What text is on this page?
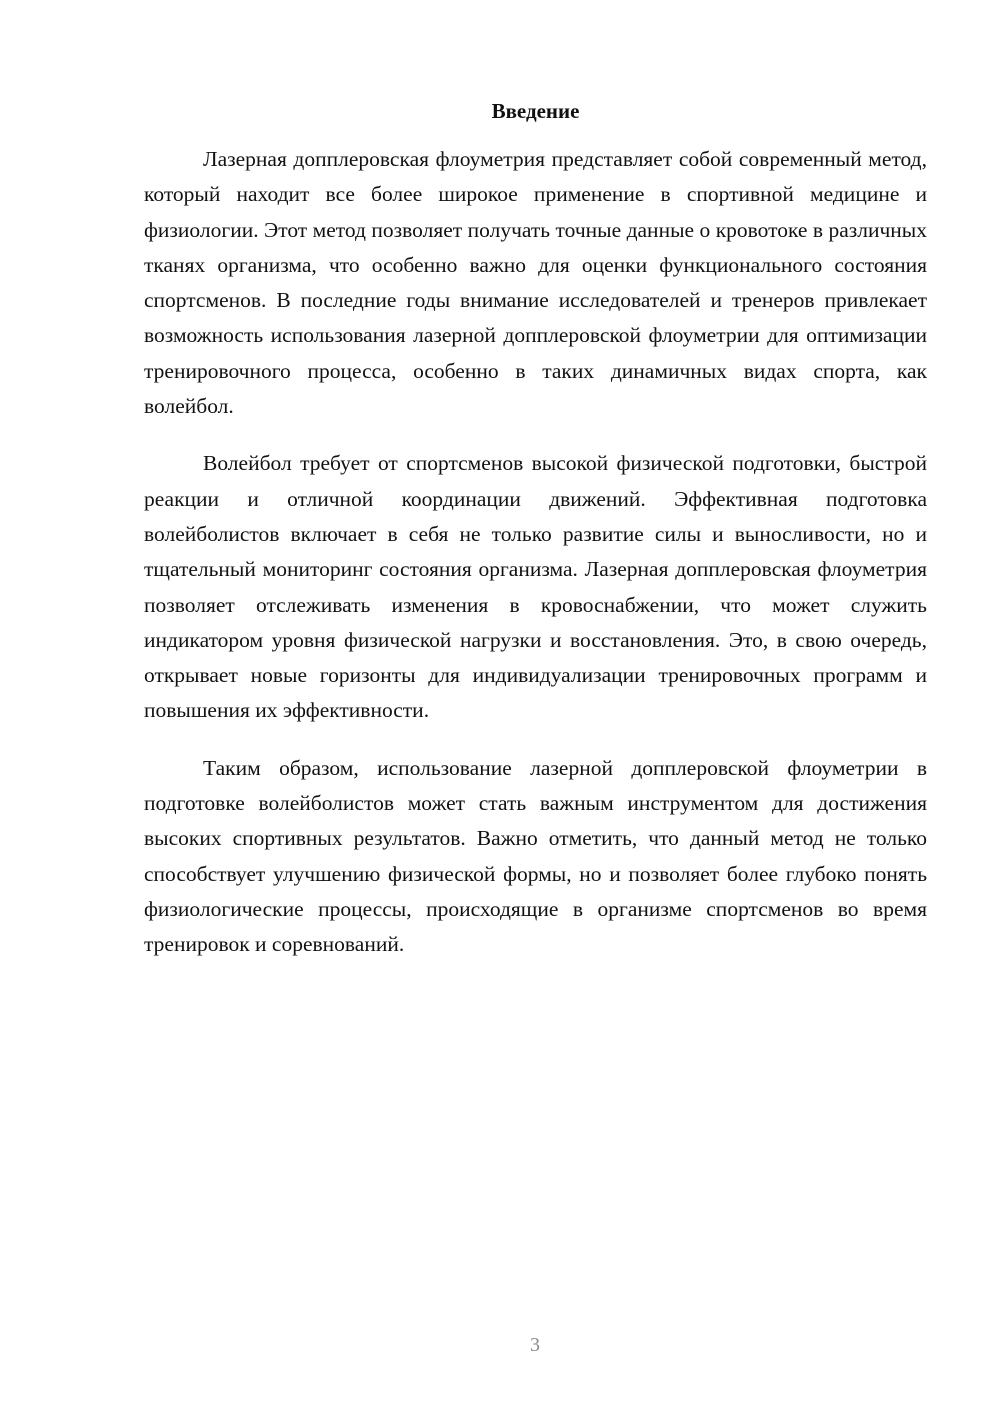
Введение

Лазерная допплеровская флоуметрия представляет собой современный метод, который находит все более широкое применение в спортивной медицине и физиологии. Этот метод позволяет получать точные данные о кровотоке в различных тканях организма, что особенно важно для оценки функционального состояния спортсменов. В последние годы внимание исследователей и тренеров привлекает возможность использования лазерной допплеровской флоуметрии для оптимизации тренировочного процесса, особенно в таких динамичных видах спорта, как волейбол.

Волейбол требует от спортсменов высокой физической подготовки, быстрой реакции и отличной координации движений. Эффективная подготовка волейболистов включает в себя не только развитие силы и выносливости, но и тщательный мониторинг состояния организма. Лазерная допплеровская флоуметрия позволяет отслеживать изменения в кровоснабжении, что может служить индикатором уровня физической нагрузки и восстановления. Это, в свою очередь, открывает новые горизонты для индивидуализации тренировочных программ и повышения их эффективности.

Таким образом, использование лазерной допплеровской флоуметрии в подготовке волейболистов может стать важным инструментом для достижения высоких спортивных результатов. Важно отметить, что данный метод не только способствует улучшению физической формы, но и позволяет более глубоко понять физиологические процессы, происходящие в организме спортсменов во время тренировок и соревнований.

3
